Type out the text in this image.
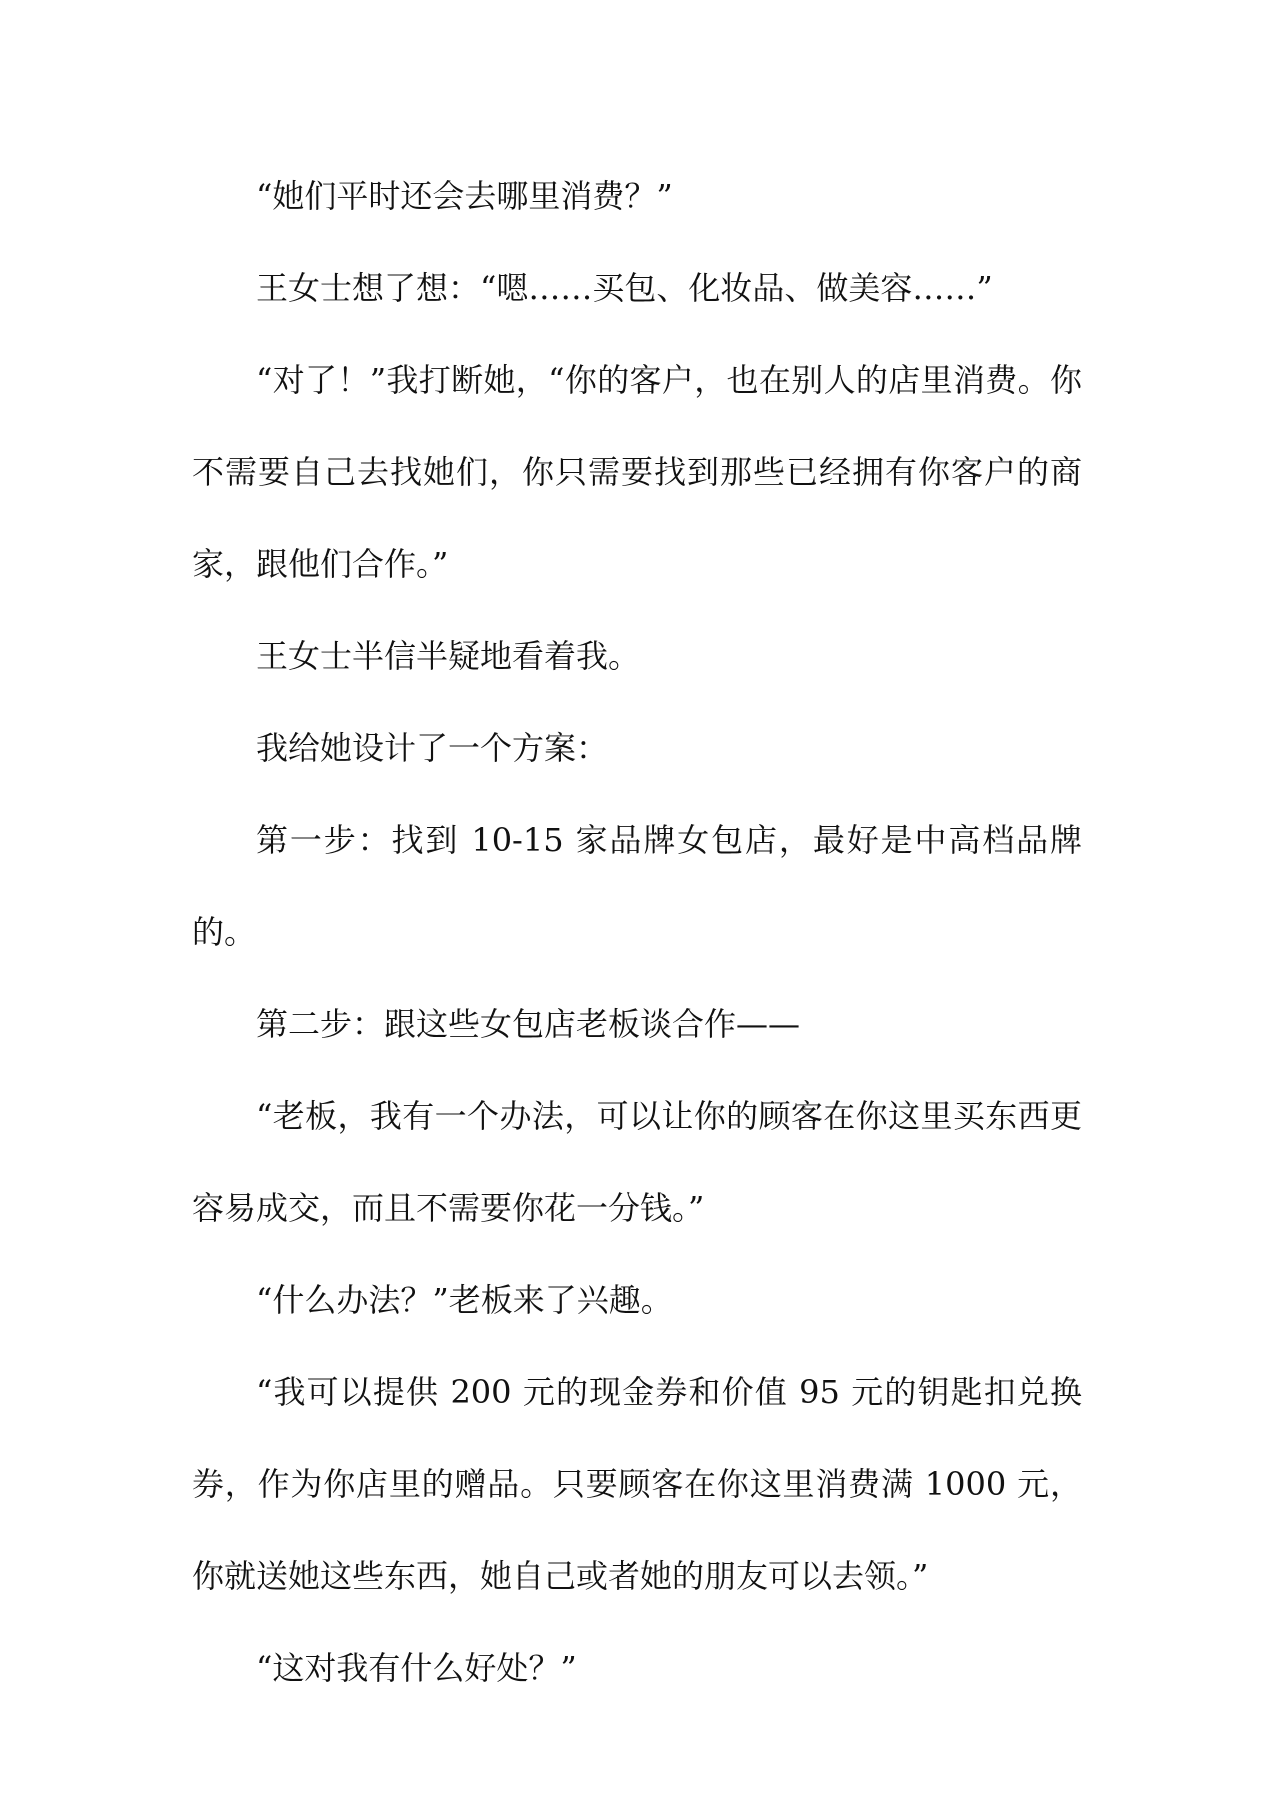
“她们平时还会去哪里消费？”

王女士想了想：“嗯……买包、化妆品、做美容……”

“对了！”我打断她，“你的客户，也在别人的店里消费。你不需要自己去找她们，你只需要找到那些已经拥有你客户的商家，跟他们合作。”

王女士半信半疑地看着我。

我给她设计了一个方案：

第一步：找到 10-15 家品牌女包店，最好是中高档品牌的。

第二步：跟这些女包店老板谈合作——

“老板，我有一个办法，可以让你的顾客在你这里买东西更容易成交，而且不需要你花一分钱。”

“什么办法？”老板来了兴趣。

“我可以提供 200 元的现金券和价值 95 元的钥匙扣兑换券，作为你店里的赠品。只要顾客在你这里消费满 1000 元，你就送她这些东西，她自己或者她的朋友可以去领。”

“这对我有什么好处？”
